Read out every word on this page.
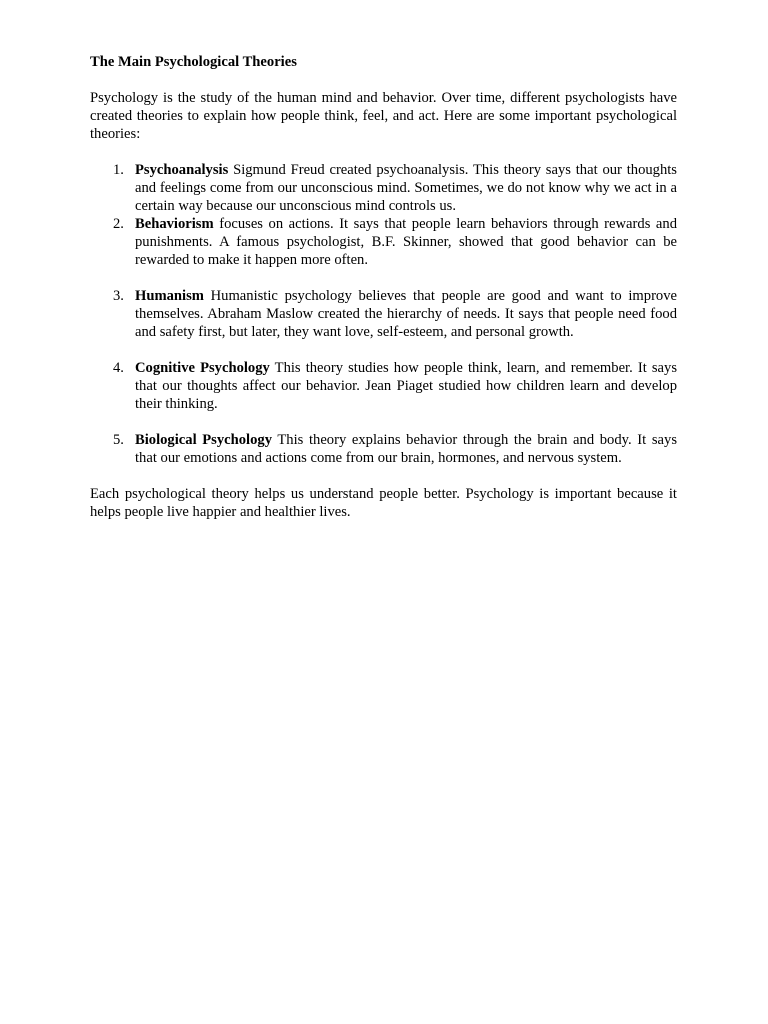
The Main Psychological Theories

Psychology is the study of the human mind and behavior. Over time, different psychologists have created theories to explain how people think, feel, and act. Here are some important psychological theories:

1. Psychoanalysis Sigmund Freud created psychoanalysis. This theory says that our thoughts and feelings come from our unconscious mind. Sometimes, we do not know why we act in a certain way because our unconscious mind controls us.
2. Behaviorism focuses on actions. It says that people learn behaviors through rewards and punishments. A famous psychologist, B.F. Skinner, showed that good behavior can be rewarded to make it happen more often.
3. Humanism Humanistic psychology believes that people are good and want to improve themselves. Abraham Maslow created the hierarchy of needs. It says that people need food and safety first, but later, they want love, self-esteem, and personal growth.
4. Cognitive Psychology This theory studies how people think, learn, and remember. It says that our thoughts affect our behavior. Jean Piaget studied how children learn and develop their thinking.
5. Biological Psychology This theory explains behavior through the brain and body. It says that our emotions and actions come from our brain, hormones, and nervous system.

Each psychological theory helps us understand people better. Psychology is important because it helps people live happier and healthier lives.
